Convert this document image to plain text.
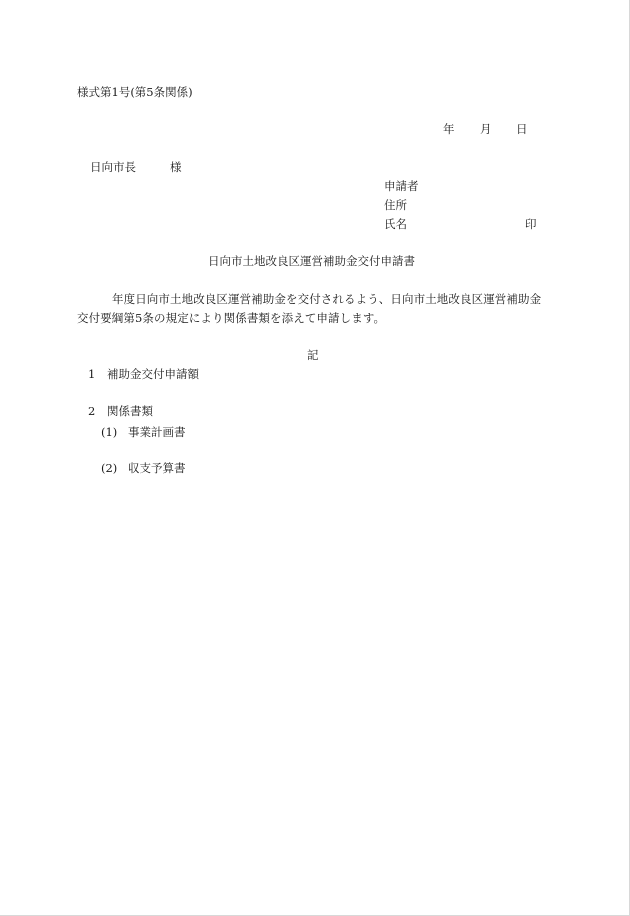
様式第1号(第5条関係)
年 月 日
日向市長	様
申請者
住所
氏名	印
日向市土地改良区運営補助金交付申請書
年度日向市土地改良区運営補助金を交付されるよう、日向市土地改良区運営補助金
交付要綱第5条の規定により関係書類を添えて申請します。
記
1 補助金交付申請額
2 関係書類
(1) 事業計画書
(2) 収支予算書
